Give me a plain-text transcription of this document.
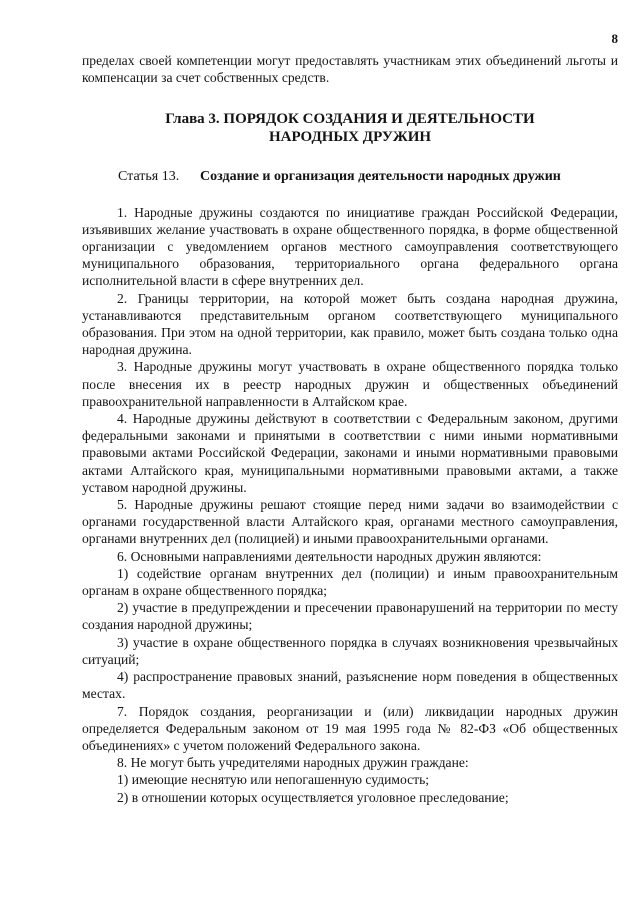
8

пределах своей компетенции могут предоставлять участникам этих объединений льготы и компенсации за счет собственных средств.

Глава 3. ПОРЯДОК СОЗДАНИЯ И ДЕЯТЕЛЬНОСТИ
НАРОДНЫХ ДРУЖИН
Статья 13.	Создание и организация деятельности народных дружин

1. Народные дружины создаются по инициативе граждан Российской Федерации, изъявивших желание участвовать в охране общественного порядка, в форме общественной организации с уведомлением органов местного самоуправления соответствующего муниципального образования, территориального органа федерального органа исполнительной власти в сфере внутренних дел.

2. Границы территории, на которой может быть создана народная дружина, устанавливаются представительным органом соответствующего муниципального образования. При этом на одной территории, как правило, может быть создана только одна народная дружина.

3. Народные дружины могут участвовать в охране общественного порядка только после внесения их в реестр народных дружин и общественных объединений правоохранительной направленности в Алтайском крае.

4. Народные дружины действуют в соответствии с Федеральным законом, другими федеральными законами и принятыми в соответствии с ними иными нормативными правовыми актами Российской Федерации, законами и иными нормативными правовыми актами Алтайского края, муниципальными нормативными правовыми актами, а также уставом народной дружины.

5. Народные дружины решают стоящие перед ними задачи во взаимодействии с органами государственной власти Алтайского края, органами местного самоуправления, органами внутренних дел (полицией) и иными правоохранительными органами.

6. Основными направлениями деятельности народных дружин являются:

1) содействие органам внутренних дел (полиции) и иным правоохранительным органам в охране общественного порядка;

2) участие в предупреждении и пресечении правонарушений на территории по месту создания народной дружины;

3) участие в охране общественного порядка в случаях возникновения чрезвычайных ситуаций;

4) распространение правовых знаний, разъяснение норм поведения в общественных местах.

7. Порядок создания, реорганизации и (или) ликвидации народных дружин определяется Федеральным законом от 19 мая 1995 года № 82-ФЗ «Об общественных объединениях» с учетом положений Федерального закона.

8. Не могут быть учредителями народных дружин граждане:

1) имеющие неснятую или непогашенную судимость;

2) в отношении которых осуществляется уголовное преследование;
